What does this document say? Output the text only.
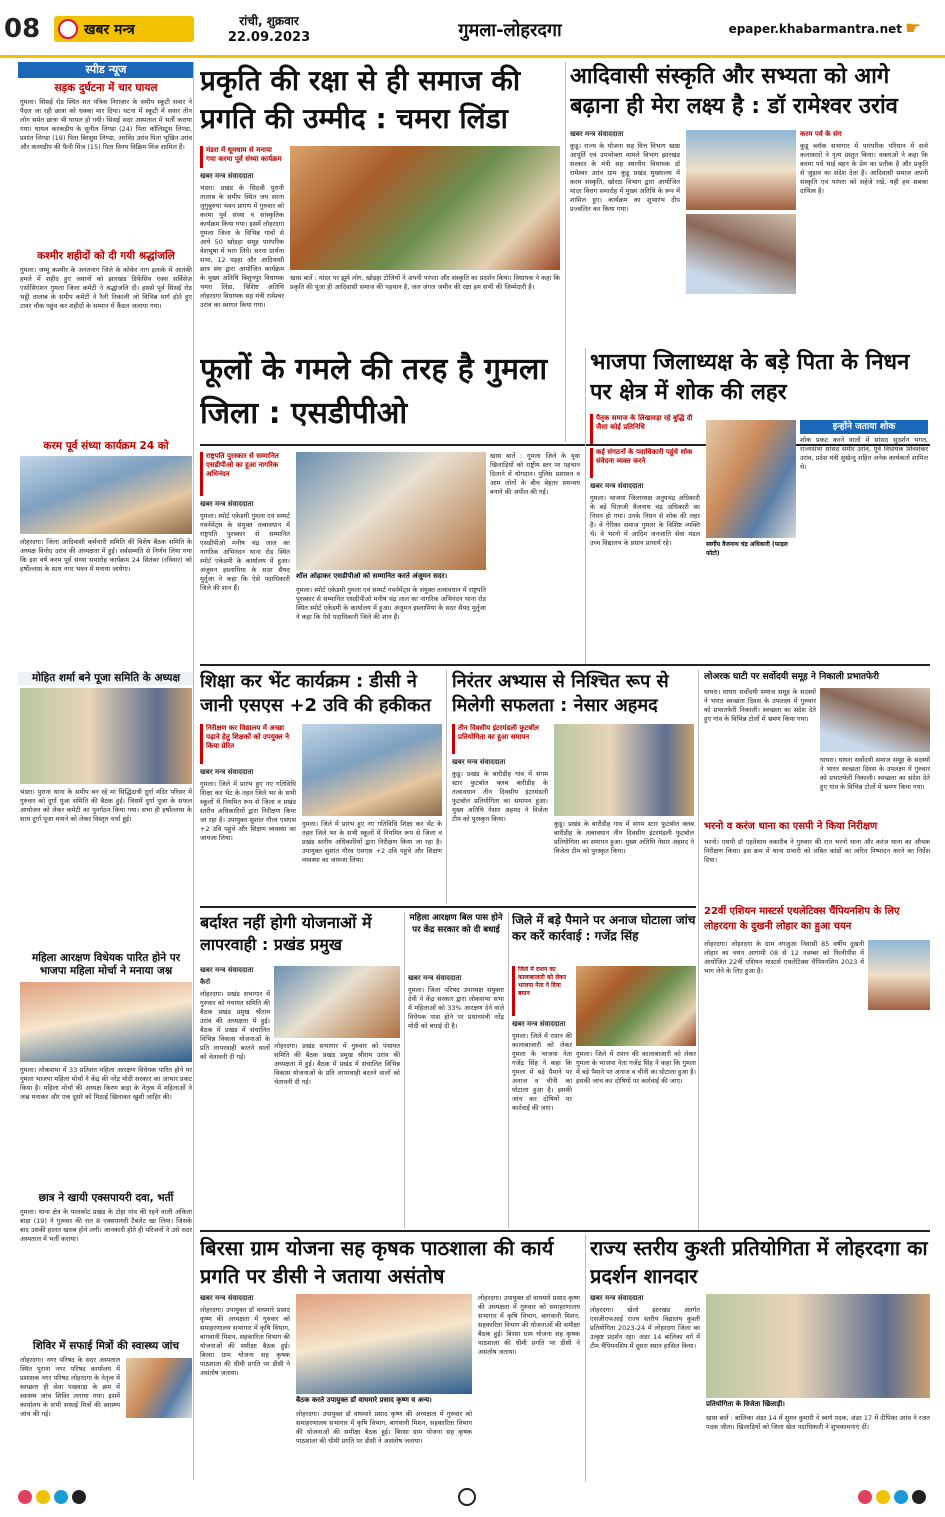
08	खबर मन्त्र
रांची, शुक्रवार
22.09.2023	गुमला-लोहरदगा	epaper.khabarmantra.net ☛
स्पीड न्यूज
सड़क दुर्घटना में चार घायल
गुमला। सिसई रोड स्थित सत पत्रिक निराज़ार के समीप स्कूटी सवार ने पैदल जा रही छात्रा को धक्का मार दिया। घटना में स्कूटी में सवार तीन लोग समेत छात्रा भी घायल हो गयी। सिसई सदर अस्पताल में भर्ती कराया गया। घायल करकड़ीय के सुनील लिण्डा (24) पिता कॉलिस्टुस लिण्डा, प्रशांत लिण्डा (19) पिता बिरसुस लिण्डा, अरविंद उरांव पिता भूखिन उरांव और करमडीप की फैनी मिंज (15) पिता विनय विक्रिम मिंज शामिल हैं।
कश्मीर शहीदों को दी गयी श्रद्धांजलि
गुमला। जम्मू कश्मीर के अनंतनाग जिले के कोकेर नाग इलाके में आतंकी हमले में शहीद हुए जवानों को झारखंड डिफेंसिव एक्स सर्विसेज़ एसोसिएशन गुमला जिला कमेटी ने श्रद्धांजलि दी। इससे पूर्व सिसई रोड भट्ठी तालाब के समीप कमेटी ने रैली निकाली जो विभिन्न मार्ग होते हुए टावर चौक पहुंच कर शहीदों के सम्मान में कैंडल जलाया गया।
करम पूर्व संध्या कार्यक्रम 24 को
लोहरदगा। जिला आदिवासी कर्मचारी समिति की विशेष बैठक समिति के अध्यक्ष विनोद उरांव की अध्यक्षता में हुई। सर्वसम्मति से निर्णय लिया गया कि इस वर्ष करम पूर्व संध्या समारोह कार्यक्रम 24 सितंबर (रविवार) को हर्षोल्लास के साथ नगर भवन में मनाया जायेगा।
मोहित शर्मा बने पूजा समिति के अध्यक्ष
भंडरा। पुराना थाना के समीप बन रहे मां सिद्धिदात्री दुर्गा मंदिर परिसर में गुरुवार को दुर्गा पूजा समिति की बैठक हुई। जिसमें दुर्गा पूजा के सफल आयोजन को लेकर कमेटी का पुनर्गठन किया गया। सभा ही हर्षोल्लास के साथ दुर्गा पूजा मनाने को लेकर विस्तृत चर्चा हुई।
महिला आरक्षण विधेयक पारित होने पर भाजपा महिला मोर्चा ने मनाया जश्न
गुमला। लोकसभा में 33 प्रतिशत महिला आरक्षण विधेयक पारित होने पर गुमला भाजपा महिला मोर्चा ने केंद्र की नरेंद्र मोदी सरकार का आभार प्रकट किया है। महिला मोर्चा की अध्यक्ष किरण बाड़ा के नेतृत्व में महिलाओं ने जश्न मनाकर और एक दूसरे को मिठाई खिलाकर खुशी जाहिर की।
छात्र ने खायी एक्सपायरी दवा, भर्ती
गुमला। थाना क्षेत्र के पालकोट प्रखंड के टोहा गांव की रहने वाली अंकिता बाड़ा (19) ने गुरुवार की रात 8 एक्सपायरी टैबलेट खा लिया। जिसके बाद उसकी हालत खराब होने लगी। जानकारी होते ही परिजनों ने उसे सदर अस्पताल में भर्ती कराया।
शिविर में सफाई मित्रों की स्वास्थ्य जांच
लोहरदगा। नगर परिषद के सदर अस्पताल स्थित पुराना नगर परिषद कार्यालय में प्रशासक नगर परिषद लोहरदगा के नेतृत्व में स्वच्छता ही सेवा पखवाड़ा के क्रम में स्वास्थ्य जांच शिविर लगाया गया। इसमें कार्यालय के सभी सफाई मित्रों की स्वास्थ्य जांच की गई।
प्रकृति की रक्षा से ही समाज की प्रगति की उम्मीद : चमरा लिंडा
मंडरा में धूमधाम से मनाया गया करमा पूर्व संध्या कार्यक्रम
खबर मन्त्र संवाददाता
भंडरा। प्रखंड के सिठवी पुरानी तालाब के समीप स्थित जय सरना लुगुबुरुया भवन प्रांगण में गुरुवार को करमा पूर्व संध्या व सांस्कृतिक कार्यक्रम किया गया। इसमें लोहरदगा गुमला जिला के विभिन्न गांवों से आये 50 खोड़हा समूह पारंपरिक वेशभूषा में भाग लिये। सरना प्रार्थना सभा, 12 पड़हा और आदिवासी छात्र संघ द्वारा आयोजित कार्यक्रम के मुख्य अतिथि बिशुनपुर विधायक चमरा लिंडा, विशिष्ट अतिथि लोहरदगा विधायक सह मंत्री रामेश्वर उरांव का स्वागत किया गया।
खास बातें : मांदर पर झूमे लोग, खोड़हा टोलियों ने अपनी परंपरा और संस्कृति का प्रदर्शन किया। विधायक ने कहा कि प्रकृति की पूजा ही आदिवासी समाज की पहचान है, जल जंगल जमीन की रक्षा हम सभी की जिम्मेदारी है।
आदिवासी संस्कृति और सभ्यता को आगे बढ़ाना ही मेरा लक्ष्य है : डॉ रामेश्वर उरांव
खबर मन्त्र संवाददाता
कुडू। राज्य के योजना सह वित्त विभाग खाद्य आपूर्ति एवं उपभोक्ता मामले विभाग झारखंड सरकार के मंत्री सह स्थानीय विधायक डॉ रामेश्वर उरांव ग्राम कुडू प्रखंड मुख्यालय में करम संस्कृति, खोरठा विभाग द्वारा आयोजित मांदर विराग समारोह में मुख्य अतिथि के रूप में शामिल हुए। कार्यक्रम का शुभारंभ दीप प्रज्वलित कर किया गया।
करम पर्व के संग
कुडू ब्लॉक सभागार में पारंपरिक परिधान में सजे कलाकारों ने नृत्य प्रस्तुत किया। वक्ताओं ने कहा कि करमा पर्व भाई बहन के प्रेम का प्रतीक है और प्रकृति से जुड़ाव का संदेश देता है। आदिवासी समाज अपनी संस्कृति एवं परंपरा को सहेजे रखे, यही हम सबका दायित्व है।
फूलों के गमले की तरह है गुमला जिला : एसडीपीओ
राष्ट्रपति पुरस्कार से सम्मानित एसडीपीओ का हुआ नागरिक अभिनंदन
खबर मन्त्र संवाददाता
गुमला। स्पोर्ट एकेडमी गुमला एवं सम्मर्ट गवर्नमेंट्स के संयुक्त तत्वावधान में राष्ट्रपति पुरस्कार से सम्मानित एसडीपीओ मनीष चंद्र लाल का नागरिक अभिनंदन थाना रोड स्थित स्पोर्ट एकेडमी के कार्यालय में हुआ। अंजुमन इस्लामिया के सदर सैयद मुर्तुजा ने कहा कि ऐसे पदाधिकारी जिले की शान हैं।
शॉल ओढ़ाकर एसडीपीओ को सम्मानित करते अंजुमन सदर।
गुमला। स्पोर्ट एकेडमी गुमला एवं सम्मर्ट गवर्नमेंट्स के संयुक्त तत्वावधान में राष्ट्रपति पुरस्कार से सम्मानित एसडीपीओ मनीष चंद्र लाल का नागरिक अभिनंदन थाना रोड स्थित स्पोर्ट एकेडमी के कार्यालय में हुआ। अंजुमन इस्लामिया के सदर सैयद मुर्तुजा ने कहा कि ऐसे पदाधिकारी जिले की शान हैं।
खास बातें : गुमला जिले के युवा खिलाड़ियों को राष्ट्रीय स्तर पर पहचान दिलाने में योगदान। पुलिस प्रशासन व आम लोगों के बीच बेहतर समन्वय बनाने की अपील की गई।
भाजपा जिलाध्यक्ष के बड़े पिता के निधन पर क्षेत्र में शोक की लहर
पैतृक समाज के लिखावड़ा रहे बुद्धि दी जैसा कोई प्रतिनिधि
कई संगठनों के पदाधिकारी पहुंचे शोक संवेदना व्यक्त करने
खबर मन्त्र संवाददाता
गुमला। भाजपा जिलाध्यक्ष अनुपचंद्र अधिकारी के बड़े पिताजी वैजनाथ चंद्र अधिकारी का निधन हो गया। उनके निधन से शोक की लहर है। वे गेरिका समाज गुमला के विशिष्ट व्यक्ति थे। वे भरनो में आदिम जनजाति सेवा मंडल उच्च विद्यालय के प्रधान प्राचार्य रहे।	स्वर्गीय वैजनाथ चंद्र अधिकारी (फाइल फोटो)
इन्होंने जताया शोक
शोक प्रकट करने वालों में सांसद सुदर्शन भगत, राज्यसभा सांसद समीर उरांव, पूर्व विधायक शिवशंकर उरांव, प्रदेश मंत्री सुखेन्दु सहित अनेक कार्यकर्ता शामिल थे।
शिक्षा कर भेंट कार्यक्रम : डीसी ने जानी एसएस +2 उवि की हकीकत
निरीक्षण कर विद्यालय में अच्छा पढ़ाने हेतु शिक्षकों को उपयुक्त ने किया प्रेरित
खबर मन्त्र संवाददाता
गुमला। जिले में प्रारंभ हुए नए गतिविधि शिक्षा कर भेंट के तहत जिले भर के सभी स्कूलों में नियमित रूप से जिला व प्रखंड स्तरीय अधिकारियों द्वारा निरीक्षण किया जा रहा है। उपायुक्त सुशांत गौरव एसएस +2 उवि पहुंचे और शिक्षण व्यवस्था का जायजा लिया।
गुमला। जिले में प्रारंभ हुए नए गतिविधि शिक्षा कर भेंट के तहत जिले भर के सभी स्कूलों में नियमित रूप से जिला व प्रखंड स्तरीय अधिकारियों द्वारा निरीक्षण किया जा रहा है। उपायुक्त सुशांत गौरव एसएस +2 उवि पहुंचे और शिक्षण व्यवस्था का जायजा लिया।
निरंतर अभ्यास से निश्चित रूप से मिलेगी सफलता : नेसार अहमद
तीन दिवसीय इंटरमंडली फुटबॉल प्रतियोगिता का हुआ समापन
खबर मन्त्र संवाददाता
कुडू। प्रखंड के बारीडीह गांव में संगम स्टार फुटबॉल क्लब बारीडीह के तत्वावधान तीन दिवसीय इंटरमंडली फुटबॉल प्रतियोगिता का समापन हुआ। मुख्य अतिथि नेसार अहमद ने विजेता टीम को पुरस्कृत किया।
कुडू। प्रखंड के बारीडीह गांव में संगम स्टार फुटबॉल क्लब बारीडीह के तत्वावधान तीन दिवसीय इंटरमंडली फुटबॉल प्रतियोगिता का समापन हुआ। मुख्य अतिथि नेसार अहमद ने विजेता टीम को पुरस्कृत किया।
लोअरक घाटी पर सर्वोदयी समूह ने निकाली प्रभातफेरी
घाघरा। घाघरा सर्वोदयी समाज समूह के सदस्यों ने भारत स्वच्छता दिवस के उपलक्ष्य में गुरुवार को प्रभातफेरी निकाली। स्वच्छता का संदेश देते हुए गांव के विभिन्न टोलों में भ्रमण किया गया।
घाघरा। घाघरा सर्वोदयी समाज समूह के सदस्यों ने भारत स्वच्छता दिवस के उपलक्ष्य में गुरुवार को प्रभातफेरी निकाली। स्वच्छता का संदेश देते हुए गांव के विभिन्न टोलों में भ्रमण किया गया।
भरनो व करंज थाना का एसपी ने किया निरीक्षण
भरनो। एसपी डॉ एहतेशाम वकारीब ने गुरुवार की रात भरनो थाना और करंज थाना का औचक निरीक्षण किया। इस क्रम में थाना प्रभारी को लंबित कांडों का त्वरित निष्पादन करने का निर्देश दिया।
22वीं एशियन मास्टर्स एथलेटिक्स चैंपियनशिप के लिए लोहरदगा के दुखनी लोहार का हुआ चयन
लोहरदगा। लोहरदगा के ग्राम नगजुआ निवासी 85 वर्षीय दुखनी लोहार का चयन आगामी 08 से 12 नवम्बर को फिलीपींस में आयोजित 22वीं एशियन मास्टर्स एथलेटिक्स चैंपियनशिप 2023 में भाग लेने के लिए हुआ है।
बर्दाश्त नहीं होगी योजनाओं में लापरवाही : प्रखंड प्रमुख
खबर मन्त्र संवाददाता
कैरो
लोहरदगा। प्रखंड सभागार में गुरुवार को पंचायत समिति की बैठक प्रखंड प्रमुख श्रीराम उरांव की अध्यक्षता में हुई। बैठक में प्रखंड में संचालित विभिन्न विकास योजनाओं के प्रति लापरवाही बरतने वालों को चेतावनी दी गई।
लोहरदगा। प्रखंड सभागार में गुरुवार को पंचायत समिति की बैठक प्रखंड प्रमुख श्रीराम उरांव की अध्यक्षता में हुई। बैठक में प्रखंड में संचालित विभिन्न विकास योजनाओं के प्रति लापरवाही बरतने वालों को चेतावनी दी गई।
महिला आरक्षण बिल पास होने पर केंद्र सरकार को दी बधाई
खबर मन्त्र संवाददाता
गुमला। जिला परिषद उपाध्यक्ष संयुक्ता देवी ने केंद्र सरकार द्वारा लोकसभा सभा में महिलाओं को 33% आरक्षण देने वाले विधेयक पास होने पर प्रधानमंत्री नरेंद्र मोदी को बधाई दी है।
जिले में बड़े पैमाने पर अनाज घोटाला जांच कर करें कार्रवाई : गजेंद्र सिंह
जिले में राशन का कालाबाजारी को लेकर भाजपा नेता ने दिया बयान
खबर मन्त्र संवाददाता
गुमला। जिले में राशन की कालाबाजारी को लेकर गुमला के भाजपा नेता गजेंद्र सिंह ने कहा कि गुमला में बड़े पैमाने पर अनाज व चीनी का घोटाला हुआ है। इसकी जांच कर दोषियों पर कार्रवाई की जाए।
गुमला। जिले में राशन की कालाबाजारी को लेकर गुमला के भाजपा नेता गजेंद्र सिंह ने कहा कि गुमला में बड़े पैमाने पर अनाज व चीनी का घोटाला हुआ है। इसकी जांच कर दोषियों पर कार्रवाई की जाए।
बिरसा ग्राम योजना सह कृषक पाठशाला की कार्य प्रगति पर डीसी ने जताया असंतोष
खबर मन्त्र संवाददाता
लोहरदगा। उपायुक्त डॉ वाघमारे प्रसाद कृष्ण की अध्यक्षता में गुरुवार को समाहरणालय सभागार में कृषि विभाग, बागवानी मिशन, सहकारिता विभाग की योजनाओं की समीक्षा बैठक हुई। बिरसा ग्राम योजना सह कृषक पाठशाला की धीमी प्रगति पर डीसी ने असंतोष जताया।
बैठक करते उपायुक्त डॉ वाघमारे प्रसाद कृष्ण व अन्य।
लोहरदगा। उपायुक्त डॉ वाघमारे प्रसाद कृष्ण की अध्यक्षता में गुरुवार को समाहरणालय सभागार में कृषि विभाग, बागवानी मिशन, सहकारिता विभाग की योजनाओं की समीक्षा बैठक हुई। बिरसा ग्राम योजना सह कृषक पाठशाला की धीमी प्रगति पर डीसी ने असंतोष जताया।
लोहरदगा। उपायुक्त डॉ वाघमारे प्रसाद कृष्ण की अध्यक्षता में गुरुवार को समाहरणालय सभागार में कृषि विभाग, बागवानी मिशन, सहकारिता विभाग की योजनाओं की समीक्षा बैठक हुई। बिरसा ग्राम योजना सह कृषक पाठशाला की धीमी प्रगति पर डीसी ने असंतोष जताया।
राज्य स्तरीय कुश्ती प्रतियोगिता में लोहरदगा का प्रदर्शन शानदार
खबर मन्त्र संवाददाता
लोहरदगा। खेलो झारखंड अंतर्गत एसजीएफआई राज्य स्तरीय विद्यालय कुश्ती प्रतियोगिता 2023-24 में लोहरदगा जिला का उत्कृष्ट प्रदर्शन रहा। अंडर 14 बालिका वर्ग में टीम चैंपियनशिप में दूसरा स्थान हासिल किया।
प्रतियोगिता के विजेता खिलाड़ी।
खास बातें : बालिका अंडर 14 में सुमन कुमारी ने स्वर्ण पदक, अंडर 17 में दीपिका उरांव ने रजत पदक जीता। खिलाड़ियों को जिला खेल पदाधिकारी ने शुभकामनाएं दीं।
